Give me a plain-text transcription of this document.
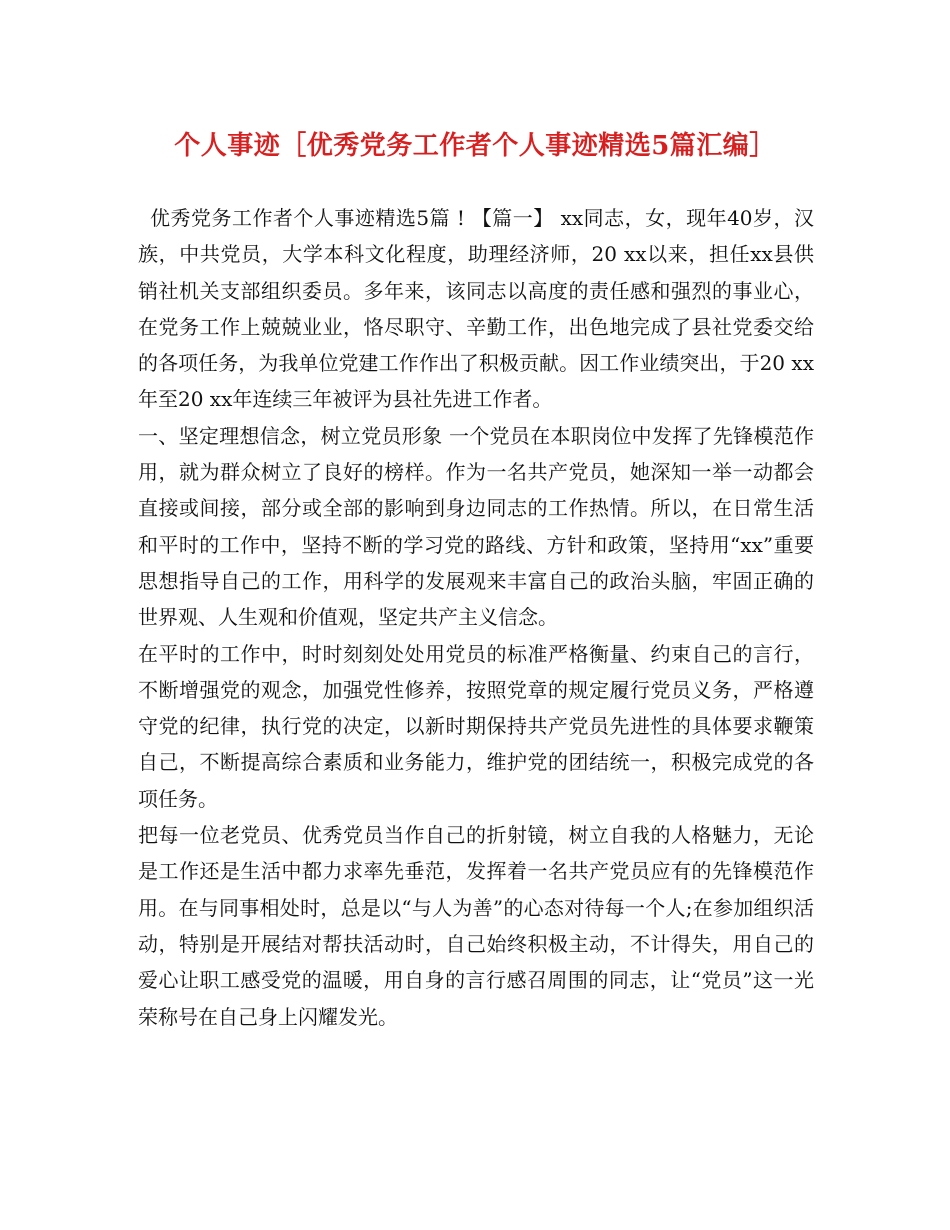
个人事迹［优秀党务工作者个人事迹精选5篇汇编］

优秀党务工作者个人事迹精选5篇 ! 【篇一】 xx同志，女，现年40岁，汉族，中共党员，大学本科文化程度，助理经济师，20 xx以来，担任xx县供销社机关支部组织委员。多年来，该同志以高度的责任感和强烈的事业心，在党务工作上兢兢业业，恪尽职守、辛勤工作，出色地完成了县社党委交给的各项任务，为我单位党建工作作出了积极贡献。因工作业绩突出，于20 xx年至20 xx年连续三年被评为县社先进工作者。

一、坚定理想信念，树立党员形象 一个党员在本职岗位中发挥了先锋模范作用，就为群众树立了良好的榜样。作为一名共产党员，她深知一举一动都会直接或间接，部分或全部的影响到身边同志的工作热情。所以，在日常生活和平时的工作中，坚持不断的学习党的路线、方针和政策，坚持用“xx”重要思想指导自己的工作，用科学的发展观来丰富自己的政治头脑，牢固正确的世界观、人生观和价值观，坚定共产主义信念。

在平时的工作中，时时刻刻处处用党员的标准严格衡量、约束自己的言行，不断增强党的观念，加强党性修养，按照党章的规定履行党员义务，严格遵守党的纪律，执行党的决定，以新时期保持共产党员先进性的具体要求鞭策自己，不断提高综合素质和业务能力，维护党的团结统一，积极完成党的各项任务。

把每一位老党员、优秀党员当作自己的折射镜，树立自我的人格魅力，无论是工作还是生活中都力求率先垂范，发挥着一名共产党员应有的先锋模范作用。在与同事相处时，总是以“与人为善”的心态对待每一个人;在参加组织活动，特别是开展结对帮扶活动时，自己始终积极主动，不计得失，用自己的爱心让职工感受党的温暖，用自身的言行感召周围的同志，让“党员”这一光荣称号在自己身上闪耀发光。
